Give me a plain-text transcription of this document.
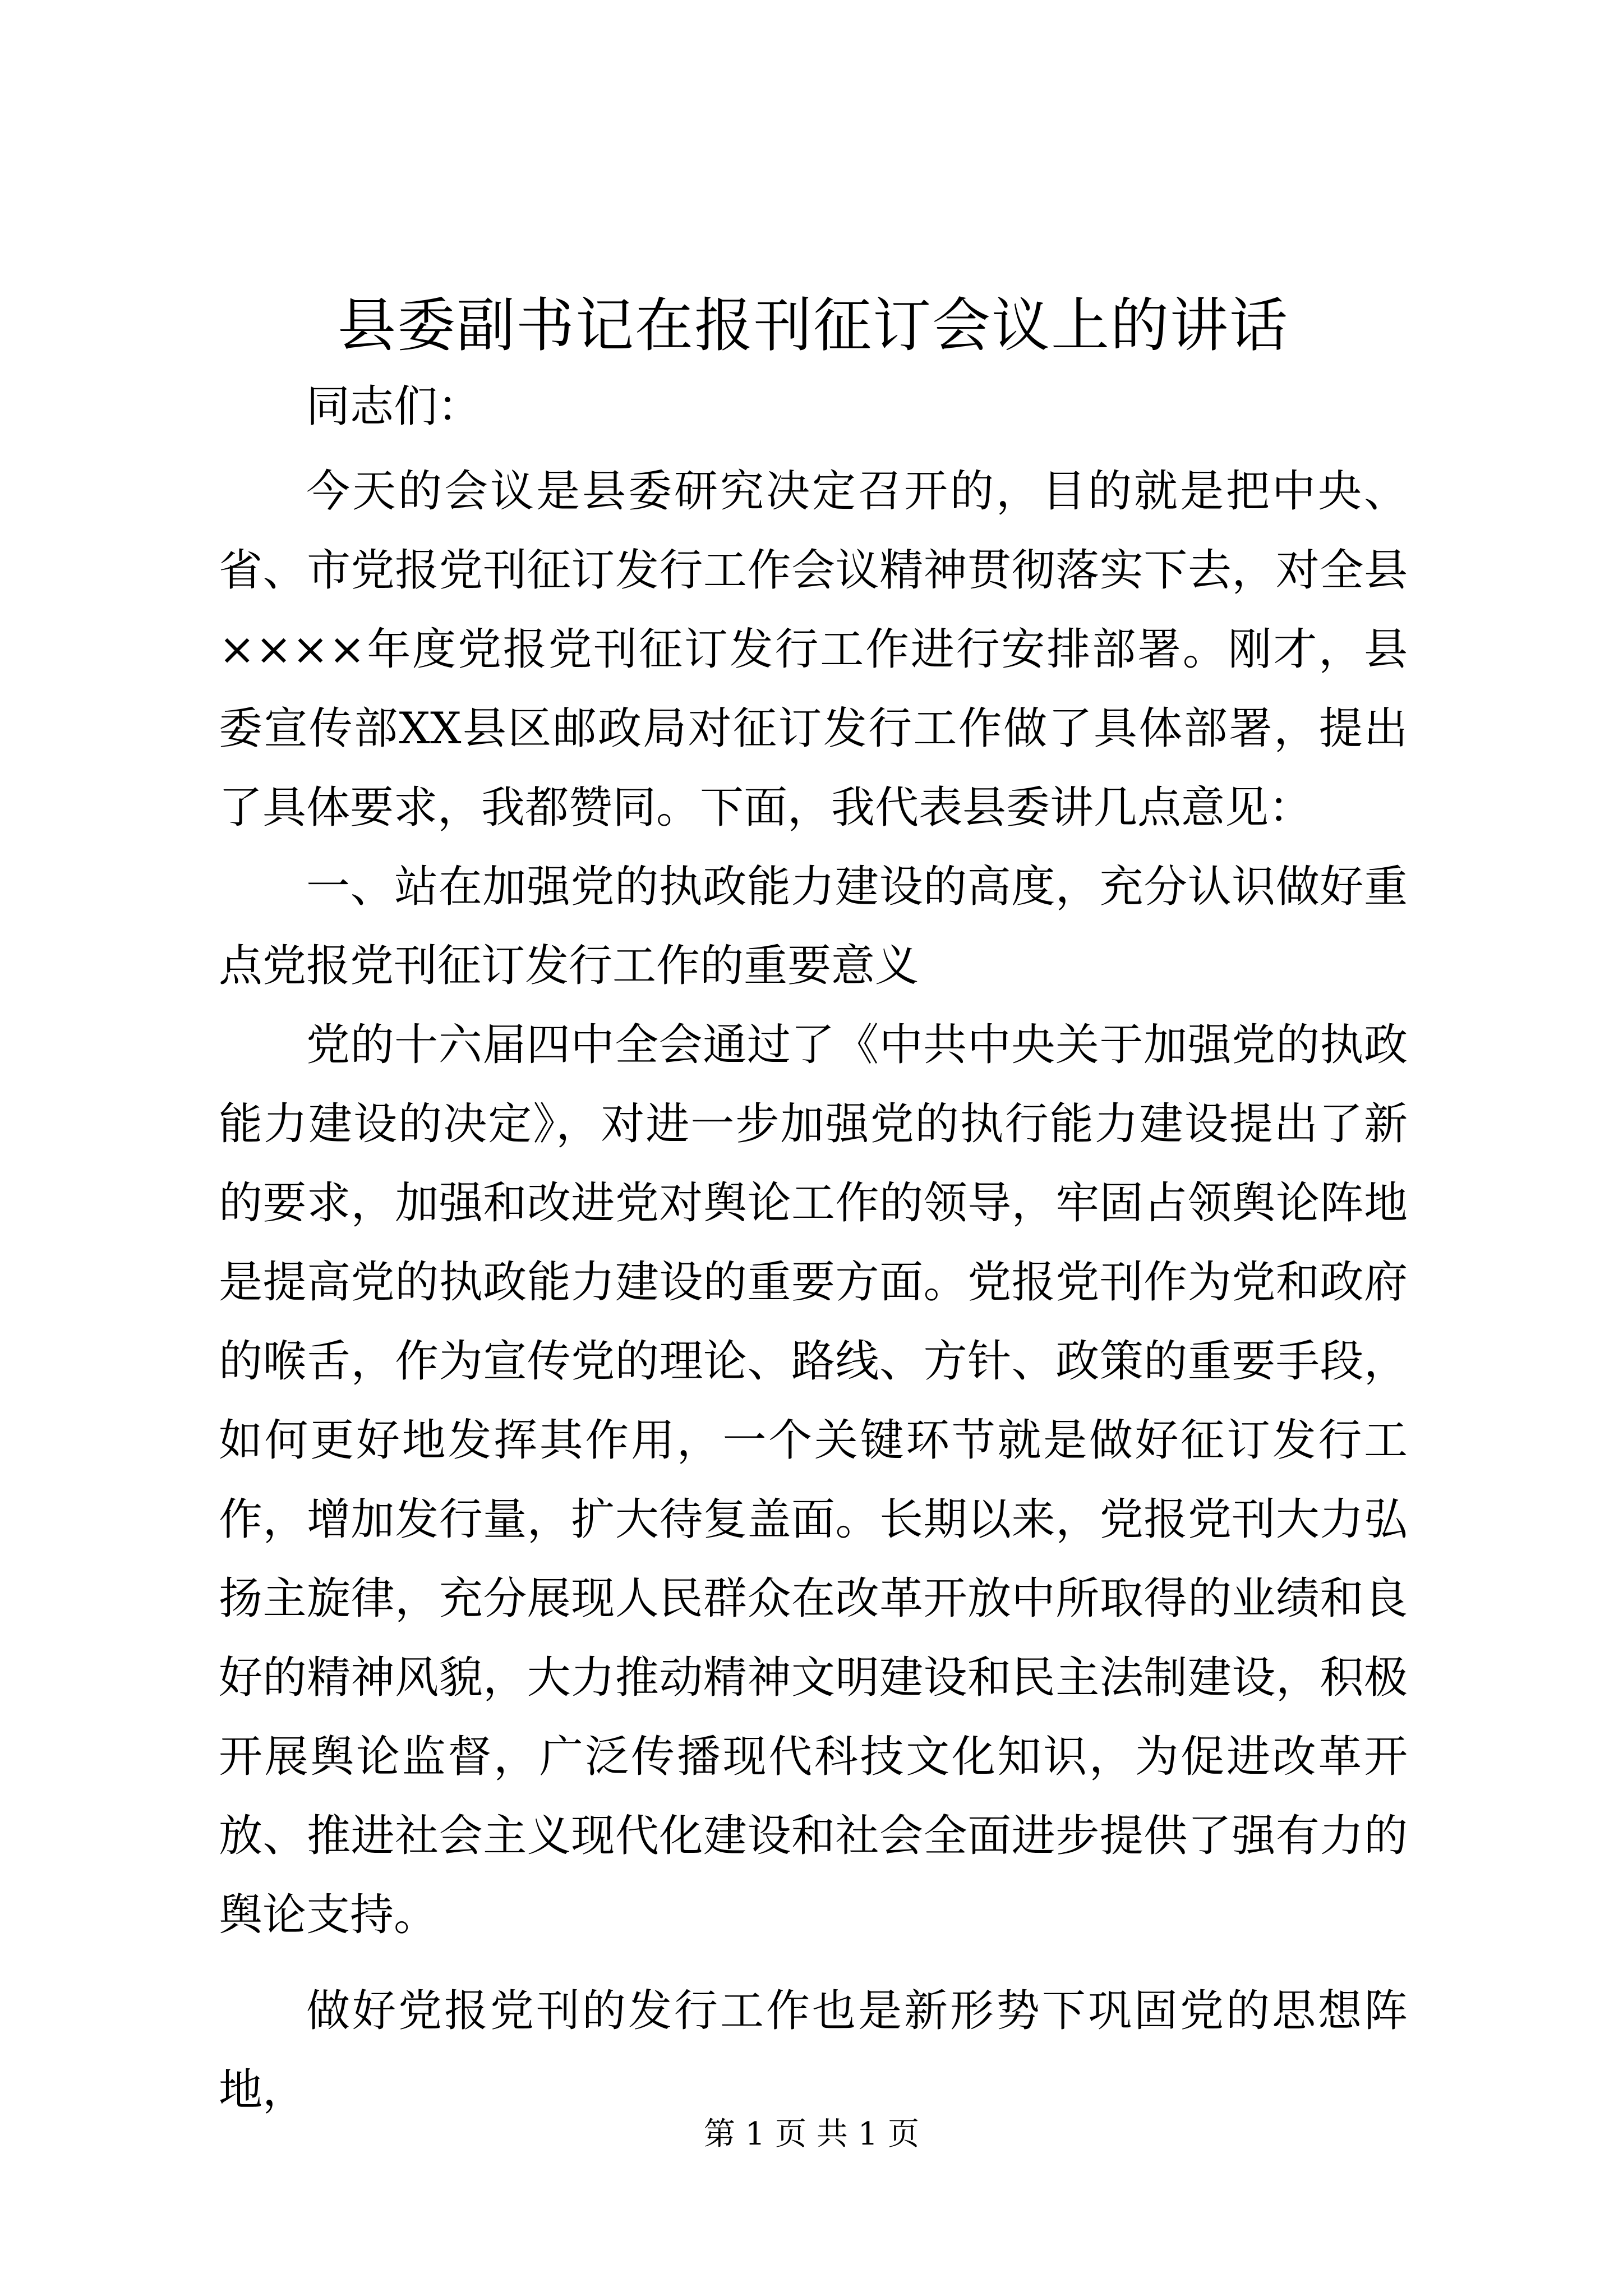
县委副书记在报刊征订会议上的讲话

同志们：

今天的会议是县委研究决定召开的，目的就是把中央、省、市党报党刊征订发行工作会议精神贯彻落实下去，对全县××××年度党报党刊征订发行工作进行安排部署。刚才，县委宣传部XX县区邮政局对征订发行工作做了具体部署，提出了具体要求，我都赞同。下面，我代表县委讲几点意见：

一、站在加强党的执政能力建设的高度，充分认识做好重点党报党刊征订发行工作的重要意义

党的十六届四中全会通过了《中共中央关于加强党的执政能力建设的决定》，对进一步加强党的执行能力建设提出了新的要求，加强和改进党对舆论工作的领导，牢固占领舆论阵地是提高党的执政能力建设的重要方面。党报党刊作为党和政府的喉舌，作为宣传党的理论、路线、方针、政策的重要手段，如何更好地发挥其作用，一个关键环节就是做好征订发行工作，增加发行量，扩大待复盖面。长期以来，党报党刊大力弘扬主旋律，充分展现人民群众在改革开放中所取得的业绩和良好的精神风貌，大力推动精神文明建设和民主法制建设，积极开展舆论监督，广泛传播现代科技文化知识，为促进改革开放、推进社会主义现代化建设和社会全面进步提供了强有力的舆论支持。

做好党报党刊的发行工作也是新形势下巩固党的思想阵地，

第 1 页 共 1 页
